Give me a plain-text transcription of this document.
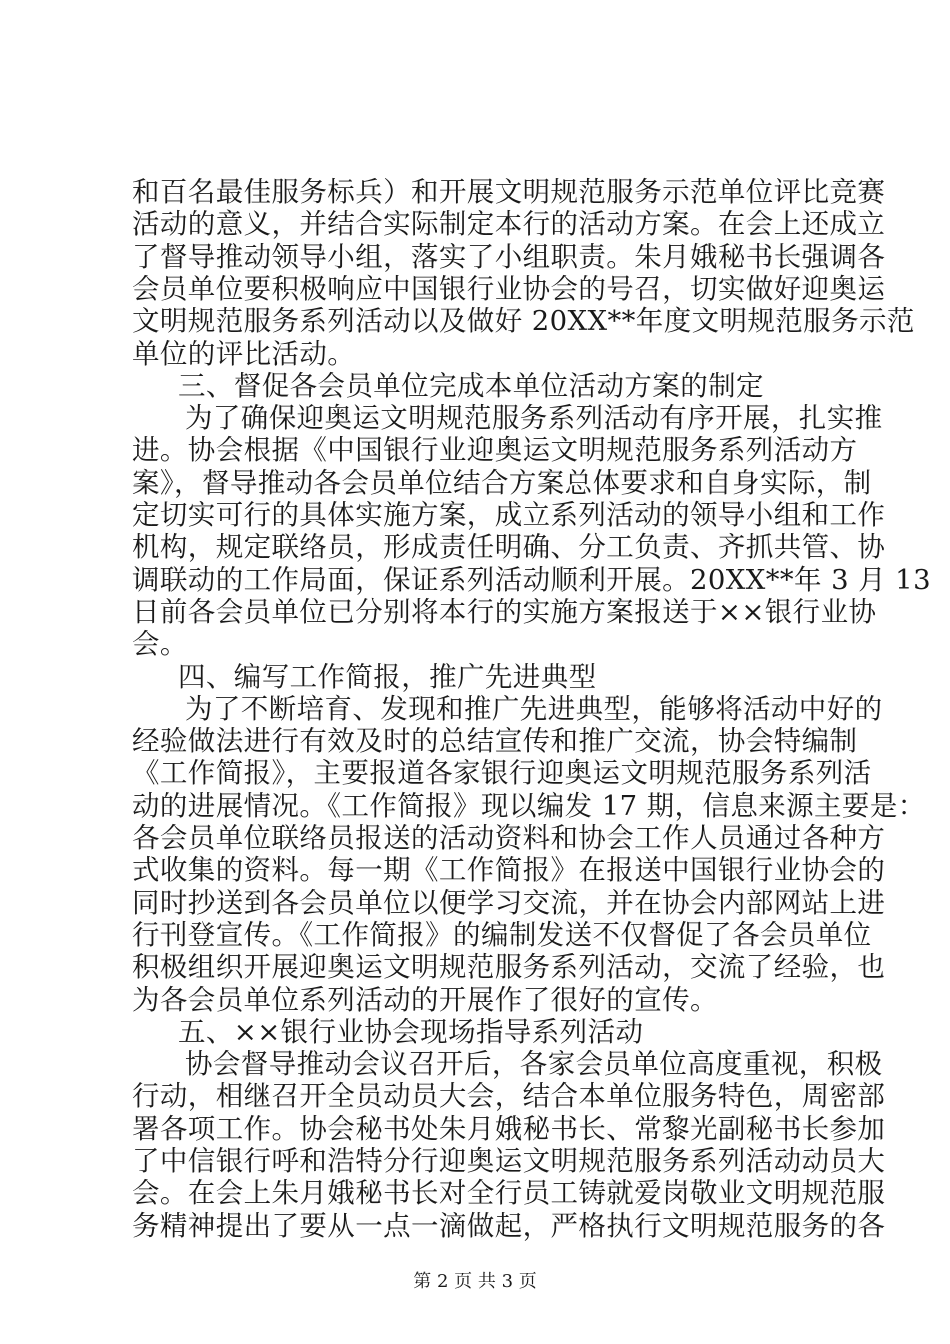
和百名最佳服务标兵）和开展文明规范服务示范单位评比竞赛
活动的意义，并结合实际制定本行的活动方案。在会上还成立
了督导推动领导小组，落实了小组职责。朱月娥秘书长强调各
会员单位要积极响应中国银行业协会的号召，切实做好迎奥运
文明规范服务系列活动以及做好 20XX**年度文明规范服务示范
单位的评比活动。
三、督促各会员单位完成本单位活动方案的制定
为了确保迎奥运文明规范服务系列活动有序开展，扎实推
进。协会根据《中国银行业迎奥运文明规范服务系列活动方
案》，督导推动各会员单位结合方案总体要求和自身实际，制
定切实可行的具体实施方案，成立系列活动的领导小组和工作
机构，规定联络员，形成责任明确、分工负责、齐抓共管、协
调联动的工作局面，保证系列活动顺利开展。20XX**年 3 月 13
日前各会员单位已分别将本行的实施方案报送于××银行业协
会。
四、编写工作简报，推广先进典型
为了不断培育、发现和推广先进典型，能够将活动中好的
经验做法进行有效及时的总结宣传和推广交流，协会特编制
《工作简报》，主要报道各家银行迎奥运文明规范服务系列活
动的进展情况。《工作简报》现以编发 17 期，信息来源主要是：
各会员单位联络员报送的活动资料和协会工作人员通过各种方
式收集的资料。每一期《工作简报》在报送中国银行业协会的
同时抄送到各会员单位以便学习交流，并在协会内部网站上进
行刊登宣传。《工作简报》的编制发送不仅督促了各会员单位
积极组织开展迎奥运文明规范服务系列活动，交流了经验，也
为各会员单位系列活动的开展作了很好的宣传。
五、××银行业协会现场指导系列活动
协会督导推动会议召开后，各家会员单位高度重视，积极
行动，相继召开全员动员大会，结合本单位服务特色，周密部
署各项工作。协会秘书处朱月娥秘书长、常黎光副秘书长参加
了中信银行呼和浩特分行迎奥运文明规范服务系列活动动员大
会。在会上朱月娥秘书长对全行员工铸就爱岗敬业文明规范服
务精神提出了要从一点一滴做起，严格执行文明规范服务的各
第 2 页 共 3 页
